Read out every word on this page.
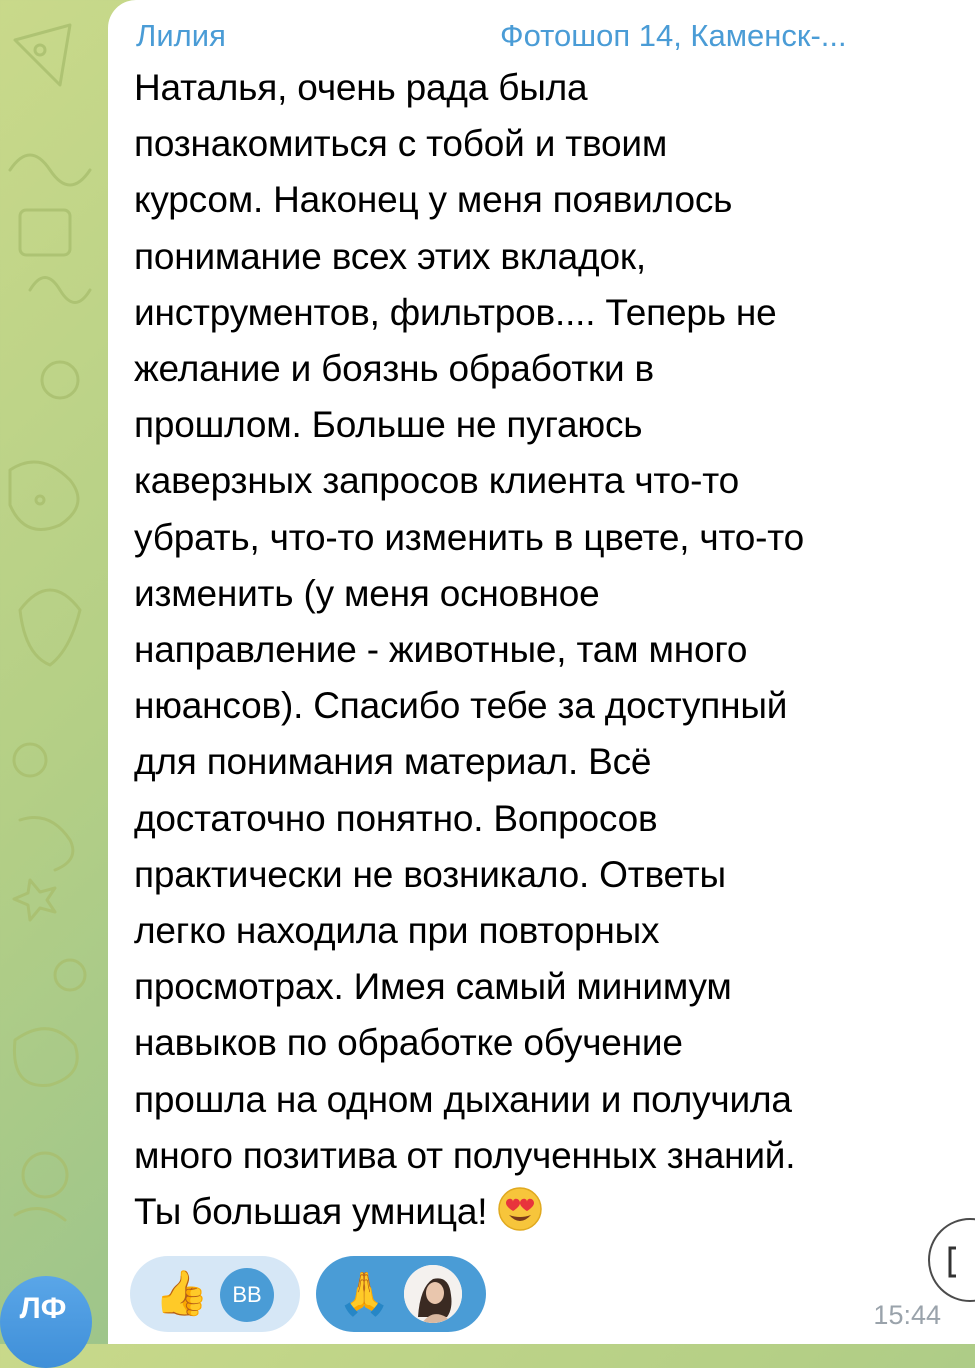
Лилия	Фотошоп 14, Каменск-...
Наталья, очень рада была
познакомиться с тобой и твоим
курсом. Наконец у меня появилось
понимание всех этих вкладок,
инструментов, фильтров.... Теперь не
желание и боязнь обработки в
прошлом. Больше не пугаюсь
каверзных запросов клиента что-то
убрать, что-то изменить в цвете, что-то
изменить (у меня основное
направление - животные, там много
нюансов). Спасибо тебе за доступный
для понимания материал. Всё
достаточно понятно. Вопросов
практически не возникало. Ответы
легко находила при повторных
просмотрах. Имея самый минимум
навыков по обработке обучение
прошла на одном дыхании и получила
много позитива от полученных знаний.
Ты большая умница!
👍	ВВ 🙏	15:44
ЛФ
